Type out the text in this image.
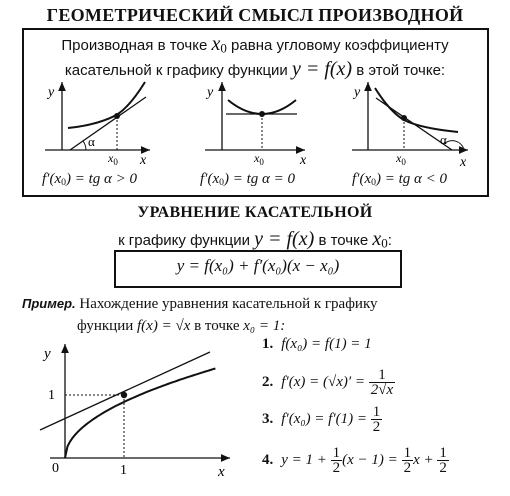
ГЕОМЕТРИЧЕСКИЙ СМЫСЛ ПРОИЗВОДНОЙ
Производная в точке $x_0$ равна угловому коэффициенту
касательной к графику функции y = f(x) в этой точке:
y
x
α
$x_0$
y
x
$x_0$
y
x
α
$x_0$
f′(x0) = tg α > 0	f′(x0) = tg α = 0	f′(x0) = tg α < 0
УРАВНЕНИЕ КАСАТЕЛЬНОЙ
к графику функции y = f(x) в точке $x_0$:
y = f(x₀) + f′(x₀)(x − x₀)
Пример. Нахождение уравнения касательной к графику
функции f(x) = √x в точке x₀ = 1:
y
x
0	1
1
1. f(x₀) = f(1) = 1
2. $f'(x) = (√x)' = \frac{1}{2√x}$
3. $f'(x_0) = f'(1) = \frac{1}{2}$
4. $y = 1 + \frac{1}{2} (x - 1) = \frac{1}{2}$ $x + \frac{1}{2}$
